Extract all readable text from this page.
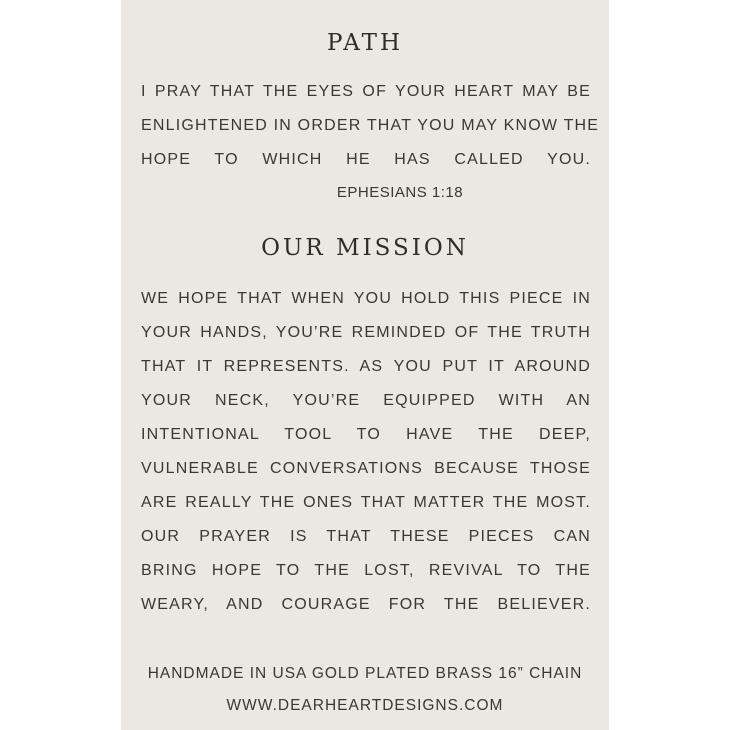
PATH
I PRAY THAT THE EYES OF YOUR HEART MAY BE
ENLIGHTENED IN ORDER THAT YOU MAY KNOW THE
HOPE TO WHICH HE HAS CALLED YOU.
EPHESIANS 1:18
OUR MISSION
WE HOPE THAT WHEN YOU HOLD THIS PIECE IN
YOUR HANDS, YOU’RE REMINDED OF THE TRUTH
THAT IT REPRESENTS. AS YOU PUT IT AROUND
YOUR NECK, YOU’RE EQUIPPED WITH AN
INTENTIONAL TOOL TO HAVE THE DEEP,
VULNERABLE CONVERSATIONS BECAUSE THOSE
ARE REALLY THE ONES THAT MATTER THE MOST.
OUR PRAYER IS THAT THESE PIECES CAN
BRING HOPE TO THE LOST, REVIVAL TO THE
WEARY, AND COURAGE FOR THE BELIEVER.
HANDMADE IN USA GOLD PLATED BRASS 16” CHAIN
WWW.DEARHEARTDESIGNS.COM
